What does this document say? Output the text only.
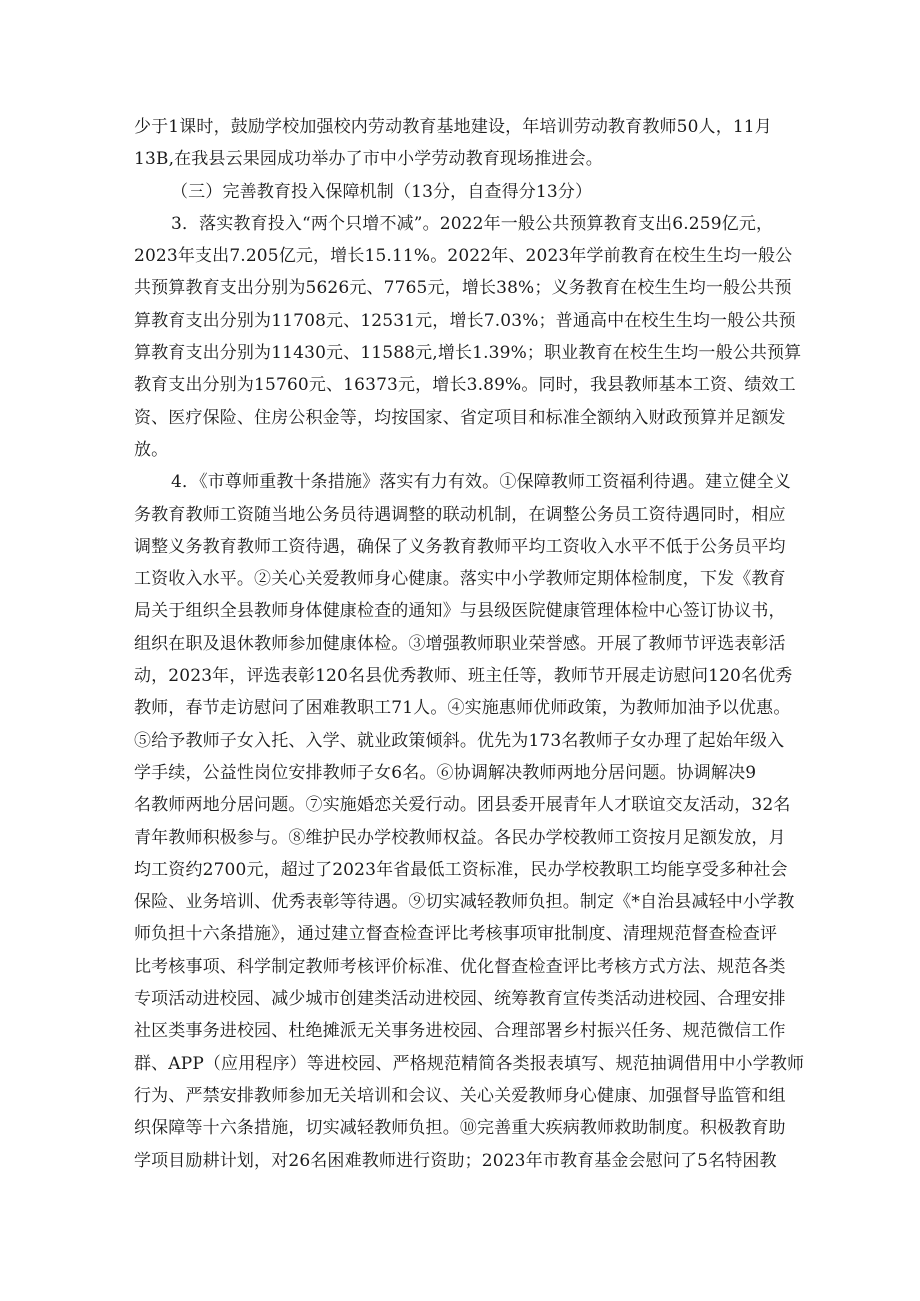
少于1课时，鼓励学校加强校内劳动教育基地建设，年培训劳动教育教师50人，11月
13B,在我县云果园成功举办了市中小学劳动教育现场推进会。
（三）完善教育投入保障机制（13分，自查得分13分）
3．落实教育投入“两个只增不减”。2022年一般公共预算教育支出6.259亿元，
2023年支出7.205亿元，增长15.11%。2022年、2023年学前教育在校生生均一般公
共预算教育支出分别为5626元、7765元，增长38%；义务教育在校生生均一般公共预
算教育支出分别为11708元、12531元，增长7.03%；普通高中在校生生均一般公共预
算教育支出分别为11430元、11588元,增长1.39%；职业教育在校生生均一般公共预算
教育支出分别为15760元、16373元，增长3.89%。同时，我县教师基本工资、绩效工
资、医疗保险、住房公积金等，均按国家、省定项目和标准全额纳入财政预算并足额发
放。
4．《市尊师重教十条措施》落实有力有效。①保障教师工资福利待遇。建立健全义
务教育教师工资随当地公务员待遇调整的联动机制，在调整公务员工资待遇同时，相应
调整义务教育教师工资待遇，确保了义务教育教师平均工资收入水平不低于公务员平均
工资收入水平。②关心关爱教师身心健康。落实中小学教师定期体检制度，下发《教育
局关于组织全县教师身体健康检查的通知》与县级医院健康管理体检中心签订协议书，
组织在职及退休教师参加健康体检。③增强教师职业荣誉感。开展了教师节评选表彰活
动，2023年，评选表彰120名县优秀教师、班主任等，教师节开展走访慰问120名优秀
教师，春节走访慰问了困难教职工71人。④实施惠师优师政策，为教师加油予以优惠。
⑤给予教师子女入托、入学、就业政策倾斜。优先为173名教师子女办理了起始年级入
学手续，公益性岗位安排教师子女6名。⑥协调解决教师两地分居问题。协调解决9
名教师两地分居问题。⑦实施婚恋关爱行动。团县委开展青年人才联谊交友活动，32名
青年教师积极参与。⑧维护民办学校教师权益。各民办学校教师工资按月足额发放，月
均工资约2700元，超过了2023年省最低工资标准，民办学校教职工均能享受多种社会
保险、业务培训、优秀表彰等待遇。⑨切实减轻教师负担。制定《*自治县减轻中小学教
师负担十六条措施》，通过建立督查检查评比考核事项审批制度、清理规范督查检查评
比考核事项、科学制定教师考核评价标准、优化督查检查评比考核方式方法、规范各类
专项活动进校园、减少城市创建类活动进校园、统筹教育宣传类活动进校园、合理安排
社区类事务进校园、杜绝摊派无关事务进校园、合理部署乡村振兴任务、规范微信工作
群、APP（应用程序）等进校园、严格规范精简各类报表填写、规范抽调借用中小学教师
行为、严禁安排教师参加无关培训和会议、关心关爱教师身心健康、加强督导监管和组
织保障等十六条措施，切实减轻教师负担。⑩完善重大疾病教师救助制度。积极教育助
学项目励耕计划，对26名困难教师进行资助；2023年市教育基金会慰问了5名特困教
